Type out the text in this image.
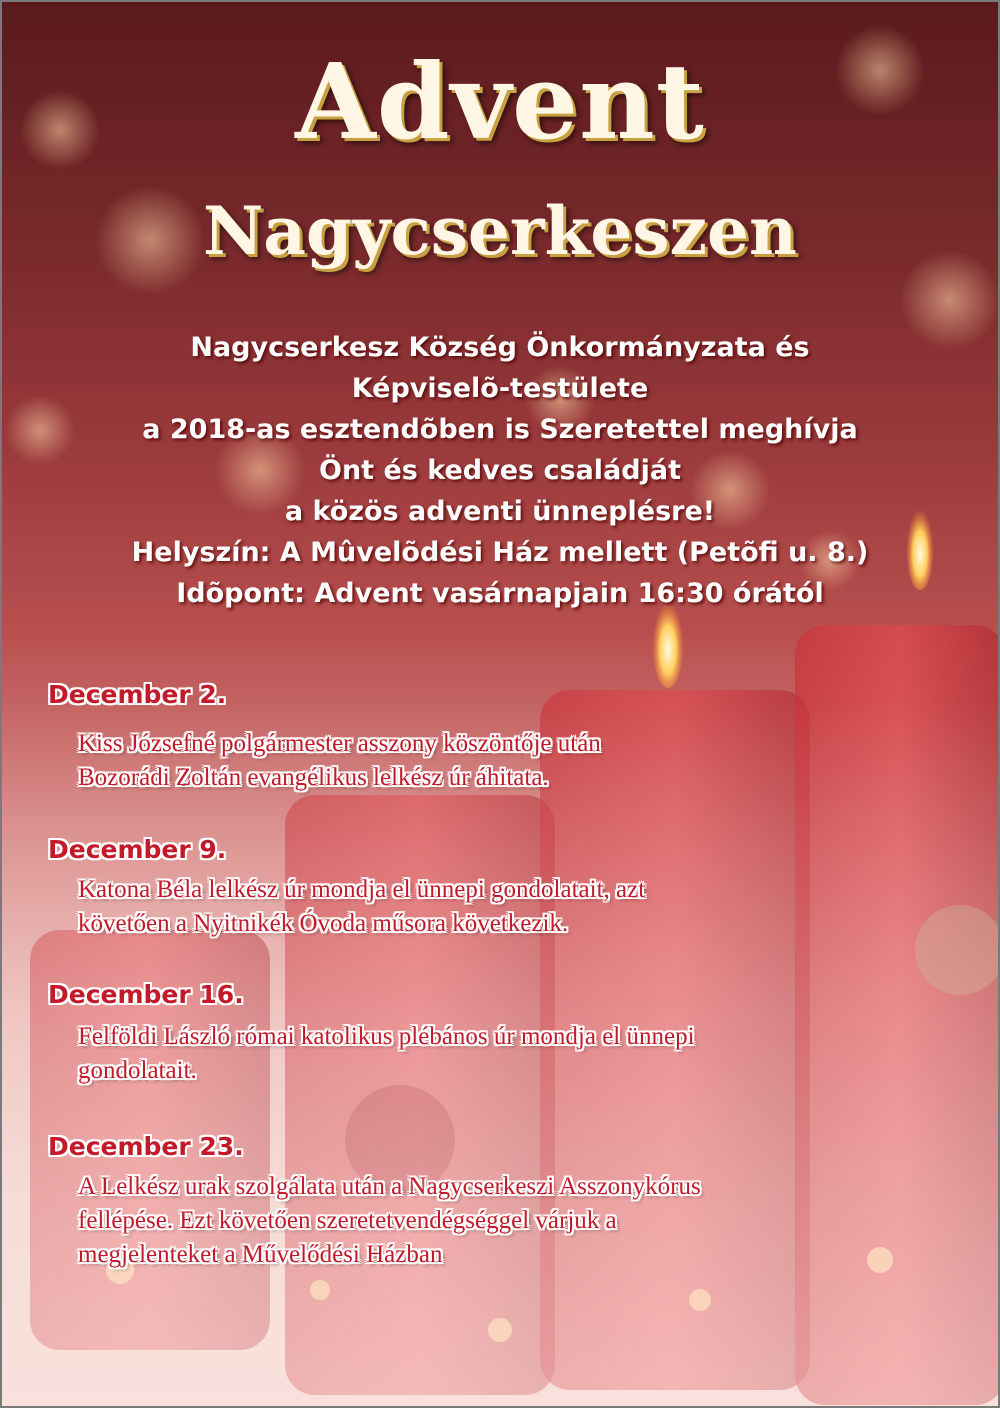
Advent
Nagycserkeszen
Nagycserkesz Község Önkormányzata és
Képviselõ-testülete
a 2018-as esztendõben is Szeretettel meghívja
Önt és kedves családját
a közös adventi ünneplésre!
Helyszín: A Mûvelõdési Ház mellett (Petõfi u. 8.)
Idõpont: Advent vasárnapjain 16:30 órától
December 2.
Kiss Józsefné polgármester asszony köszöntője után
Bozorádi Zoltán evangélikus lelkész úr áhitata.
December 9.
Katona Béla lelkész úr mondja el ünnepi gondolatait, azt
követően a Nyitnikék Óvoda műsora következik.
December 16.
Felföldi László római katolikus plébános úr mondja el ünnepi
gondolatait.
December 23.
A Lelkész urak szolgálata után a Nagycserkeszi Asszonykórus
fellépése. Ezt követően szeretetvendégséggel várjuk a
megjelenteket a Művelődési Házban
